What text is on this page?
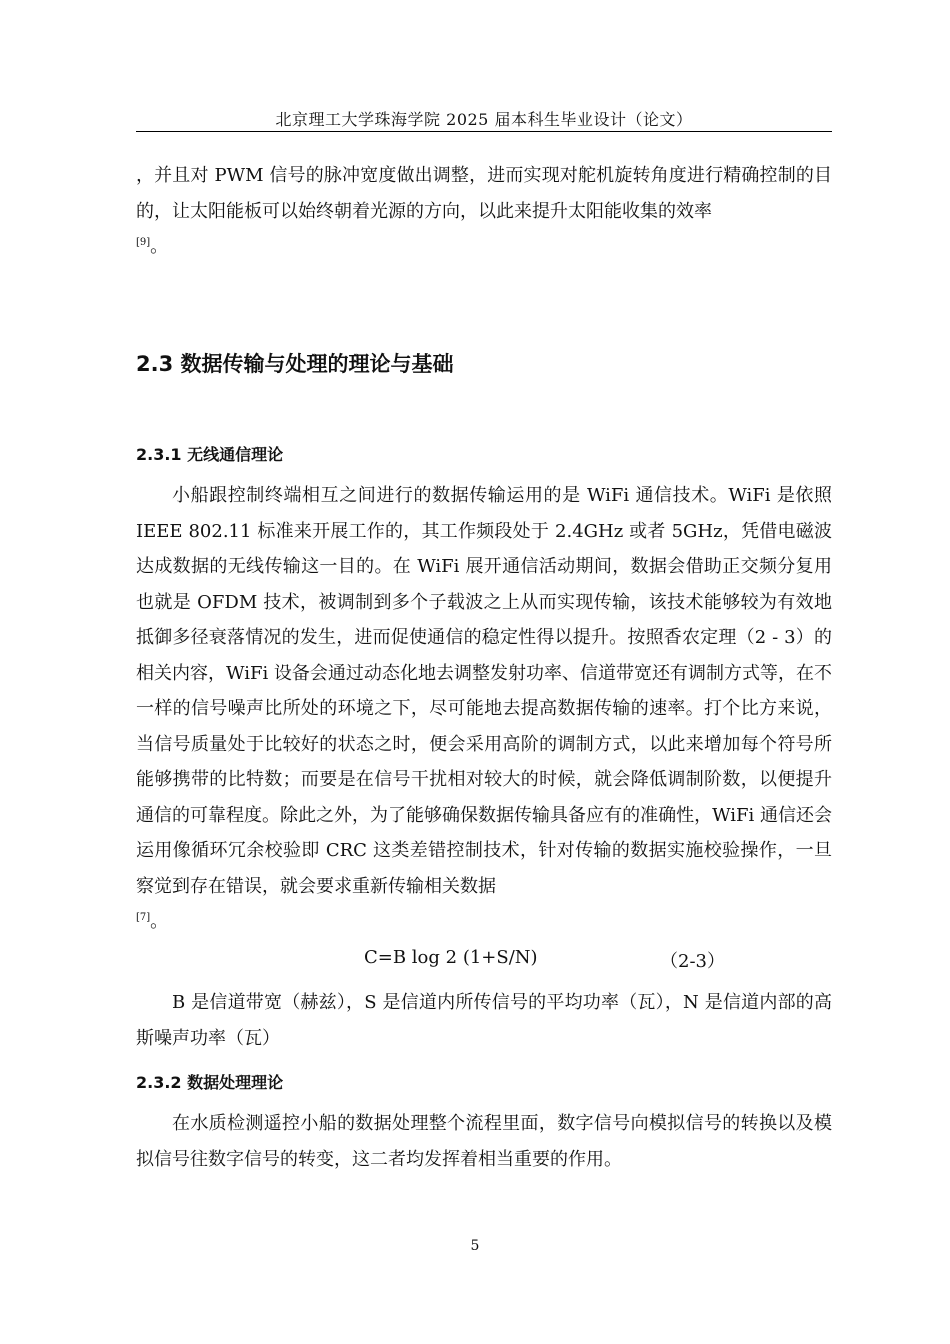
北京理工大学珠海学院 2025 届本科生毕业设计（论文）
，并且对 PWM 信号的脉冲宽度做出调整，进而实现对舵机旋转角度进行精确控制的目的，让太阳能板可以始终朝着光源的方向，以此来提升太阳能收集的效率
[9]。
2.3 数据传输与处理的理论与基础
2.3.1 无线通信理论
小船跟控制终端相互之间进行的数据传输运用的是 WiFi 通信技术。WiFi 是依照 IEEE 802.11 标准来开展工作的，其工作频段处于 2.4GHz 或者 5GHz，凭借电磁波达成数据的无线传输这一目的。在 WiFi 展开通信活动期间，数据会借助正交频分复用也就是 OFDM 技术，被调制到多个子载波之上从而实现传输，该技术能够较为有效地抵御多径衰落情况的发生，进而促使通信的稳定性得以提升。按照香农定理（2 - 3）的相关内容，WiFi 设备会通过动态化地去调整发射功率、信道带宽还有调制方式等，在不一样的信号噪声比所处的环境之下，尽可能地去提高数据传输的速率。打个比方来说，当信号质量处于比较好的状态之时，便会采用高阶的调制方式，以此来增加每个符号所能够携带的比特数；而要是在信号干扰相对较大的时候，就会降低调制阶数，以便提升通信的可靠程度。除此之外，为了能够确保数据传输具备应有的准确性，WiFi 通信还会运用像循环冗余校验即 CRC 这类差错控制技术，针对传输的数据实施校验操作，一旦察觉到存在错误，就会要求重新传输相关数据
[7]。
C=B log 2 (1+S/N)	（2-3）
B 是信道带宽（赫兹），S 是信道内所传信号的平均功率（瓦），N 是信道内部的高斯噪声功率（瓦）
2.3.2 数据处理理论
在水质检测遥控小船的数据处理整个流程里面，数字信号向模拟信号的转换以及模拟信号往数字信号的转变，这二者均发挥着相当重要的作用。
5
